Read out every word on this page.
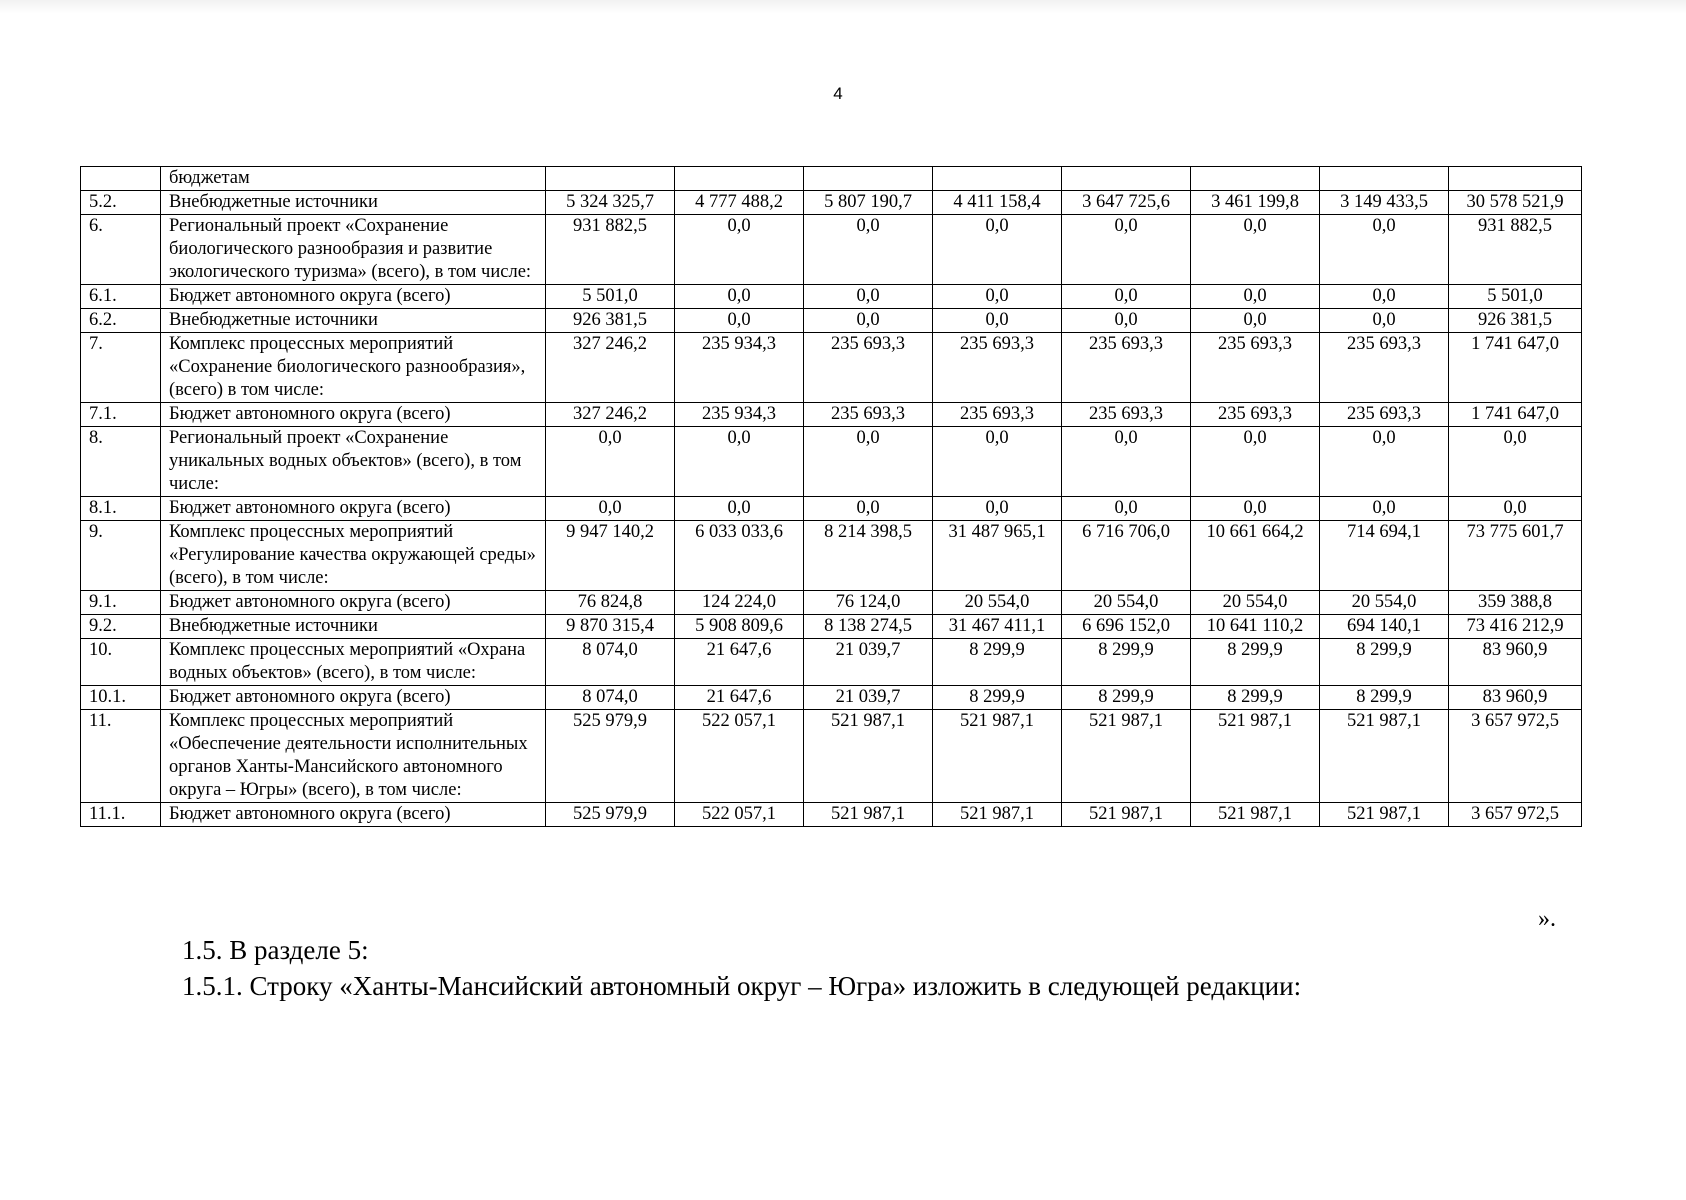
4
	бюджетам								
5.2.	Внебюджетные источники	5 324 325,7	4 777 488,2	5 807 190,7	4 411 158,4	3 647 725,6	3 461 199,8	3 149 433,5	30 578 521,9
6.	Региональный проект «Сохранение биологического разнообразия и развитие экологического туризма» (всего), в том числе:	931 882,5	0,0	0,0	0,0	0,0	0,0	0,0	931 882,5
6.1.	Бюджет автономного округа (всего)	5 501,0	0,0	0,0	0,0	0,0	0,0	0,0	5 501,0
6.2.	Внебюджетные источники	926 381,5	0,0	0,0	0,0	0,0	0,0	0,0	926 381,5
7.	Комплекс процессных мероприятий «Сохранение биологического разнообразия», (всего) в том числе:	327 246,2	235 934,3	235 693,3	235 693,3	235 693,3	235 693,3	235 693,3	1 741 647,0
7.1.	Бюджет автономного округа (всего)	327 246,2	235 934,3	235 693,3	235 693,3	235 693,3	235 693,3	235 693,3	1 741 647,0
8.	Региональный проект «Сохранение уникальных водных объектов» (всего), в том числе:	0,0	0,0	0,0	0,0	0,0	0,0	0,0	0,0
8.1.	Бюджет автономного округа (всего)	0,0	0,0	0,0	0,0	0,0	0,0	0,0	0,0
9.	Комплекс процессных мероприятий «Регулирование качества окружающей среды» (всего), в том числе:	9 947 140,2	6 033 033,6	8 214 398,5	31 487 965,1	6 716 706,0	10 661 664,2	714 694,1	73 775 601,7
9.1.	Бюджет автономного округа (всего)	76 824,8	124 224,0	76 124,0	20 554,0	20 554,0	20 554,0	20 554,0	359 388,8
9.2.	Внебюджетные источники	9 870 315,4	5 908 809,6	8 138 274,5	31 467 411,1	6 696 152,0	10 641 110,2	694 140,1	73 416 212,9
10.	Комплекс процессных мероприятий «Охрана водных объектов» (всего), в том числе:	8 074,0	21 647,6	21 039,7	8 299,9	8 299,9	8 299,9	8 299,9	83 960,9
10.1.	Бюджет автономного округа (всего)	8 074,0	21 647,6	21 039,7	8 299,9	8 299,9	8 299,9	8 299,9	83 960,9
11.	Комплекс процессных мероприятий «Обеспечение деятельности исполнительных органов Ханты-Мансийского автономного округа – Югры» (всего), в том числе:	525 979,9	522 057,1	521 987,1	521 987,1	521 987,1	521 987,1	521 987,1	3 657 972,5
11.1.	Бюджет автономного округа (всего)	525 979,9	522 057,1	521 987,1	521 987,1	521 987,1	521 987,1	521 987,1	3 657 972,5
».
1.5. В разделе 5:
1.5.1. Строку «Ханты-Мансийский автономный округ – Югра» изложить в следующей редакции:
